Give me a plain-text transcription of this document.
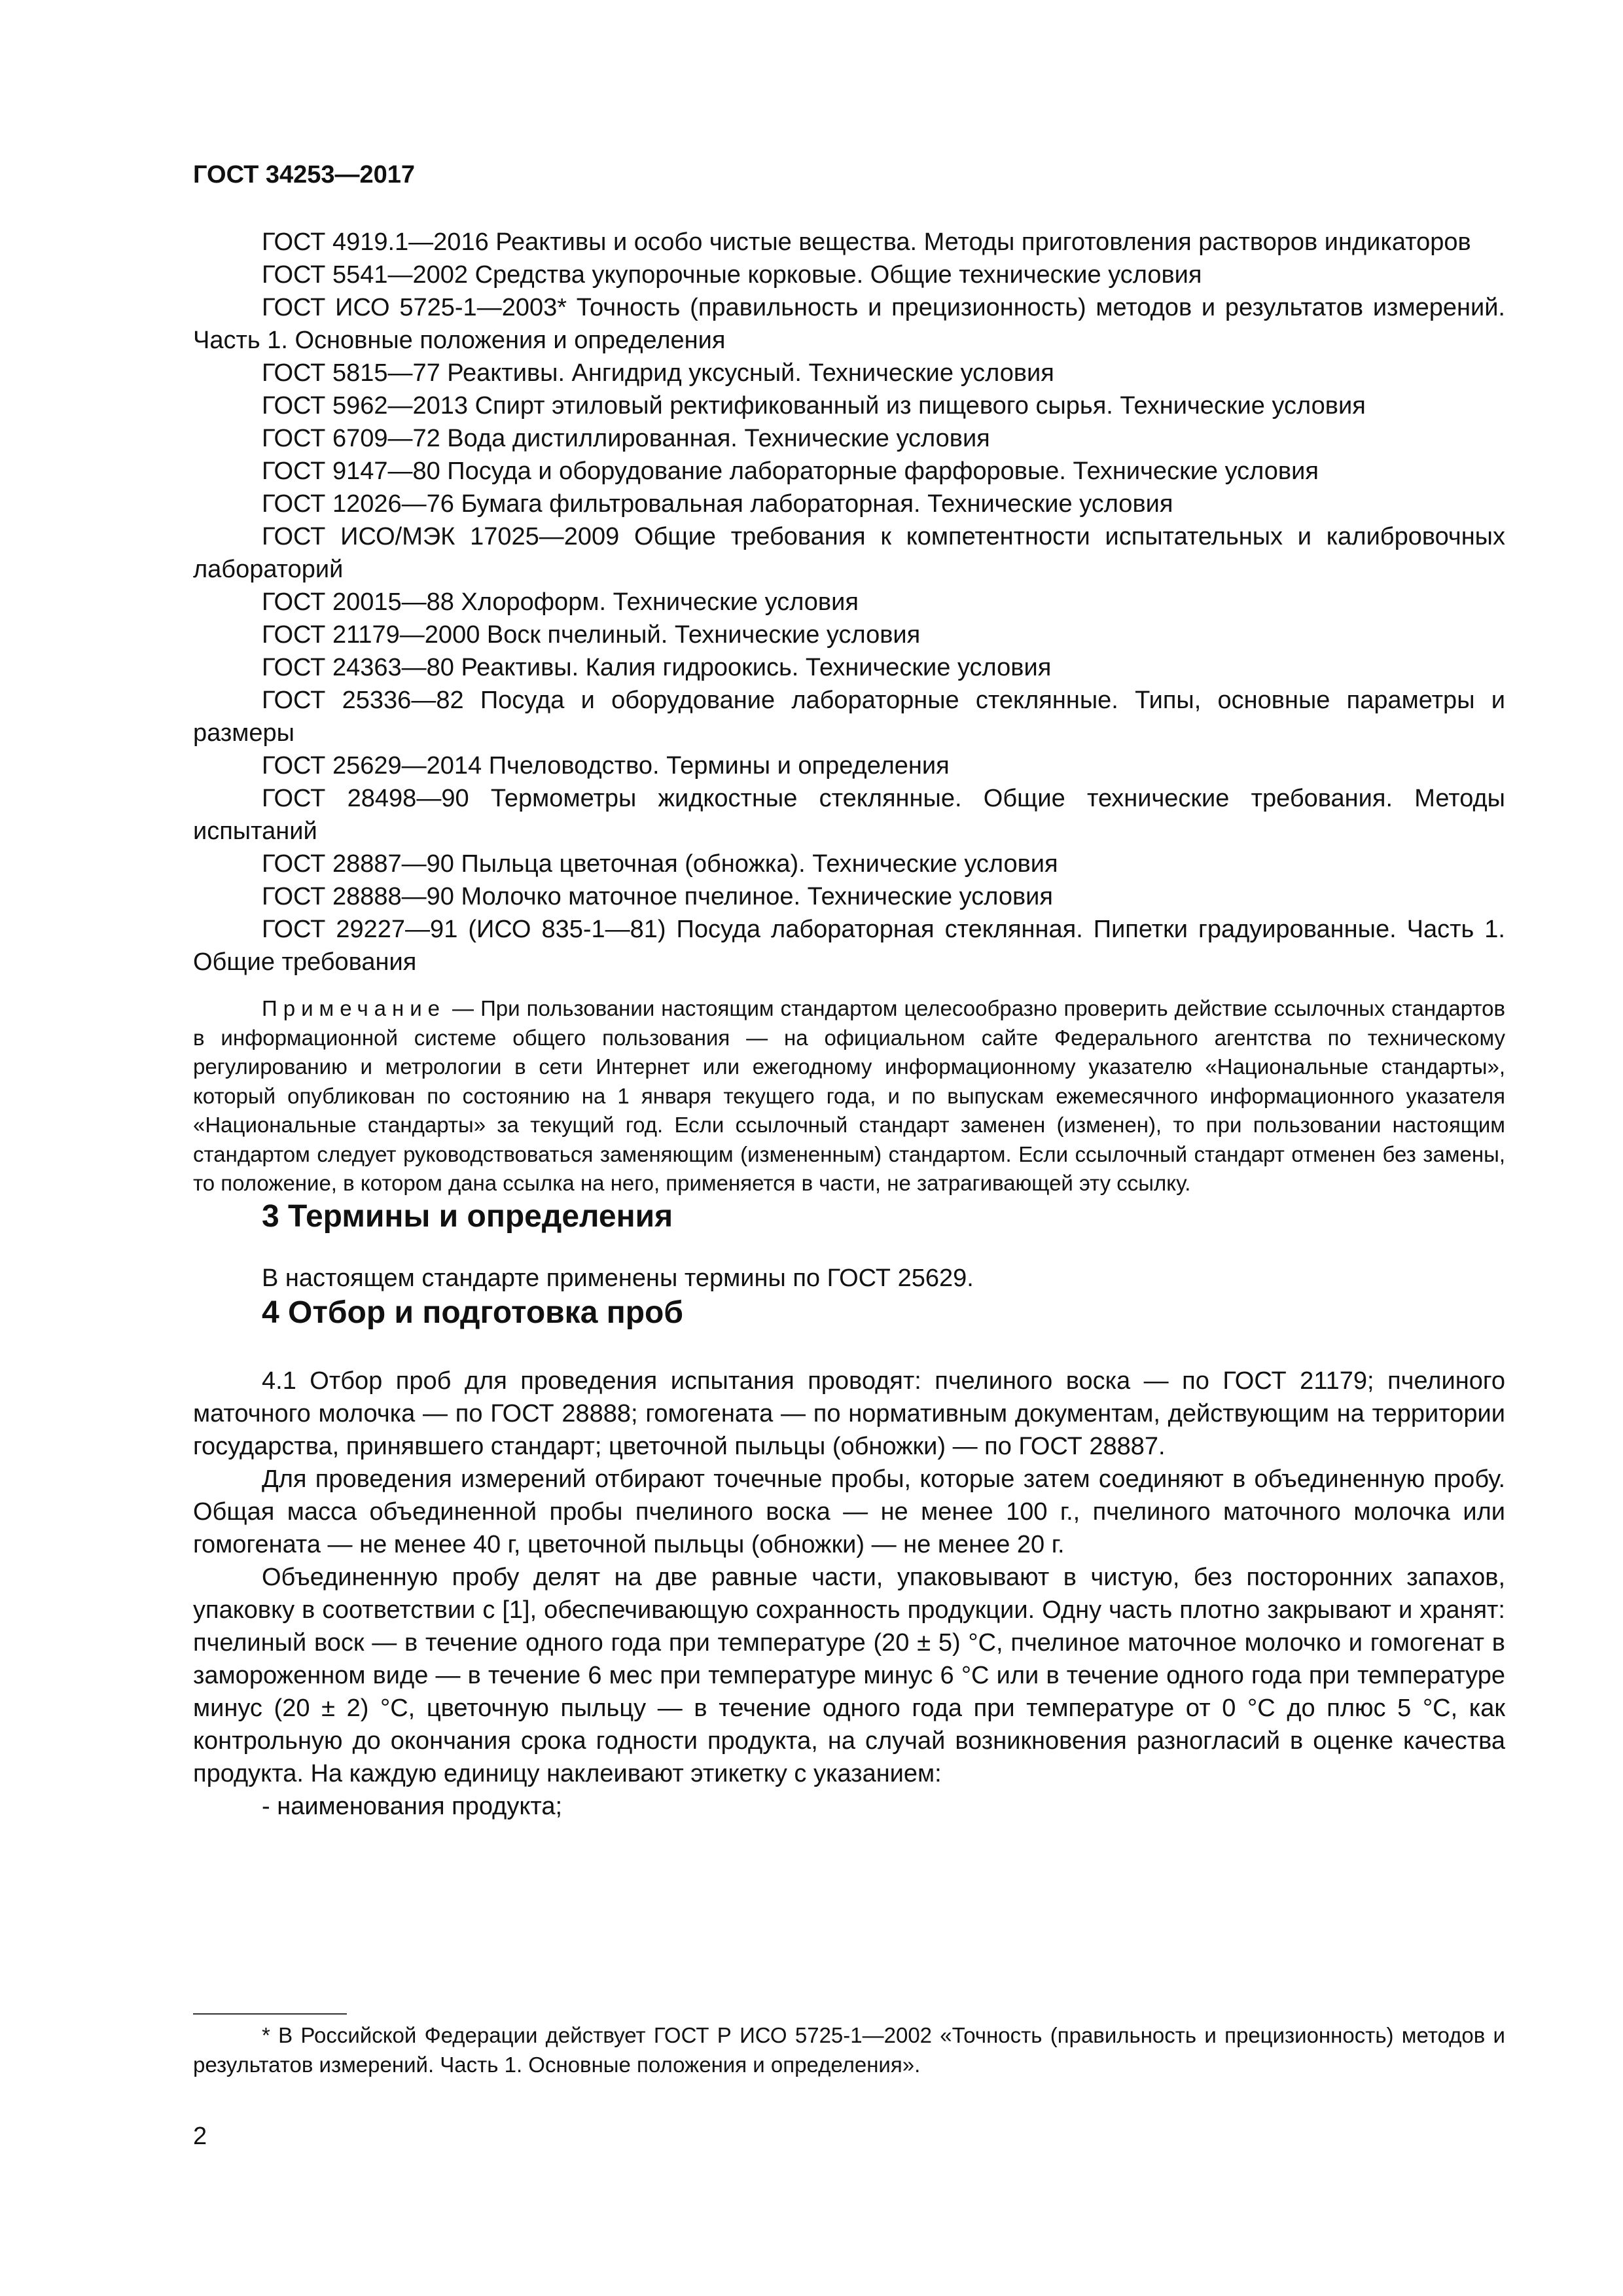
ГОСТ 34253—2017

ГОСТ 4919.1—2016 Реактивы и особо чистые вещества. Методы приготовления растворов индикаторов

ГОСТ 5541—2002 Средства укупорочные корковые. Общие технические условия

ГОСТ ИСО 5725-1—2003* Точность (правильность и прецизионность) методов и результатов измерений. Часть 1. Основные положения и определения

ГОСТ 5815—77 Реактивы. Ангидрид уксусный. Технические условия

ГОСТ 5962—2013 Спирт этиловый ректификованный из пищевого сырья. Технические условия

ГОСТ 6709—72 Вода дистиллированная. Технические условия

ГОСТ 9147—80 Посуда и оборудование лабораторные фарфоровые. Технические условия

ГОСТ 12026—76 Бумага фильтровальная лабораторная. Технические условия

ГОСТ ИСО/МЭК 17025—2009 Общие требования к компетентности испытательных и калибровочных лабораторий

ГОСТ 20015—88 Хлороформ. Технические условия

ГОСТ 21179—2000 Воск пчелиный. Технические условия

ГОСТ 24363—80 Реактивы. Калия гидроокись. Технические условия

ГОСТ 25336—82 Посуда и оборудование лабораторные стеклянные. Типы, основные параметры и размеры

ГОСТ 25629—2014 Пчеловодство. Термины и определения

ГОСТ 28498—90 Термометры жидкостные стеклянные. Общие технические требования. Методы испытаний

ГОСТ 28887—90 Пыльца цветочная (обножка). Технические условия

ГОСТ 28888—90 Молочко маточное пчелиное. Технические условия

ГОСТ 29227—91 (ИСО 835-1—81) Посуда лабораторная стеклянная. Пипетки градуированные. Часть 1. Общие требования

Примечание — При пользовании настоящим стандартом целесообразно проверить действие ссылочных стандартов в информационной системе общего пользования — на официальном сайте Федерального агентства по техническому регулированию и метрологии в сети Интернет или ежегодному информационному указателю «Национальные стандарты», который опубликован по состоянию на 1 января текущего года, и по выпускам ежемесячного информационного указателя «Национальные стандарты» за текущий год. Если ссылочный стандарт заменен (изменен), то при пользовании настоящим стандартом следует руководствоваться заменяющим (измененным) стандартом. Если ссылочный стандарт отменен без замены, то положение, в котором дана ссылка на него, применяется в части, не затрагивающей эту ссылку.
3 Термины и определения

В настоящем стандарте применены термины по ГОСТ 25629.

4 Отбор и подготовка проб

4.1 Отбор проб для проведения испытания проводят: пчелиного воска — по ГОСТ 21179; пчелиного маточного молочка — по ГОСТ 28888; гомогената — по нормативным документам, действующим на территории государства, принявшего стандарт; цветочной пыльцы (обножки) — по ГОСТ 28887.

Для проведения измерений отбирают точечные пробы, которые затем соединяют в объединенную пробу. Общая масса объединенной пробы пчелиного воска — не менее 100 г., пчелиного маточного молочка или гомогената — не менее 40 г, цветочной пыльцы (обножки) — не менее 20 г.

Объединенную пробу делят на две равные части, упаковывают в чистую, без посторонних запахов, упаковку в соответствии с [1], обеспечивающую сохранность продукции. Одну часть плотно закрывают и хранят: пчелиный воск — в течение одного года при температуре (20 ± 5) °С, пчелиное маточное молочко и гомогенат в замороженном виде — в течение 6 мес при температуре минус 6 °С или в течение одного года при температуре минус (20 ± 2) °С, цветочную пыльцу — в течение одного года при температуре от 0 °С до плюс 5 °С, как контрольную до окончания срока годности продукта, на случай возникновения разногласий в оценке качества продукта. На каждую единицу наклеивают этикетку с указанием:

- наименования продукта;

* В Российской Федерации действует ГОСТ Р ИСО 5725-1—2002 «Точность (правильность и прецизионность) методов и результатов измерений. Часть 1. Основные положения и определения».
2
